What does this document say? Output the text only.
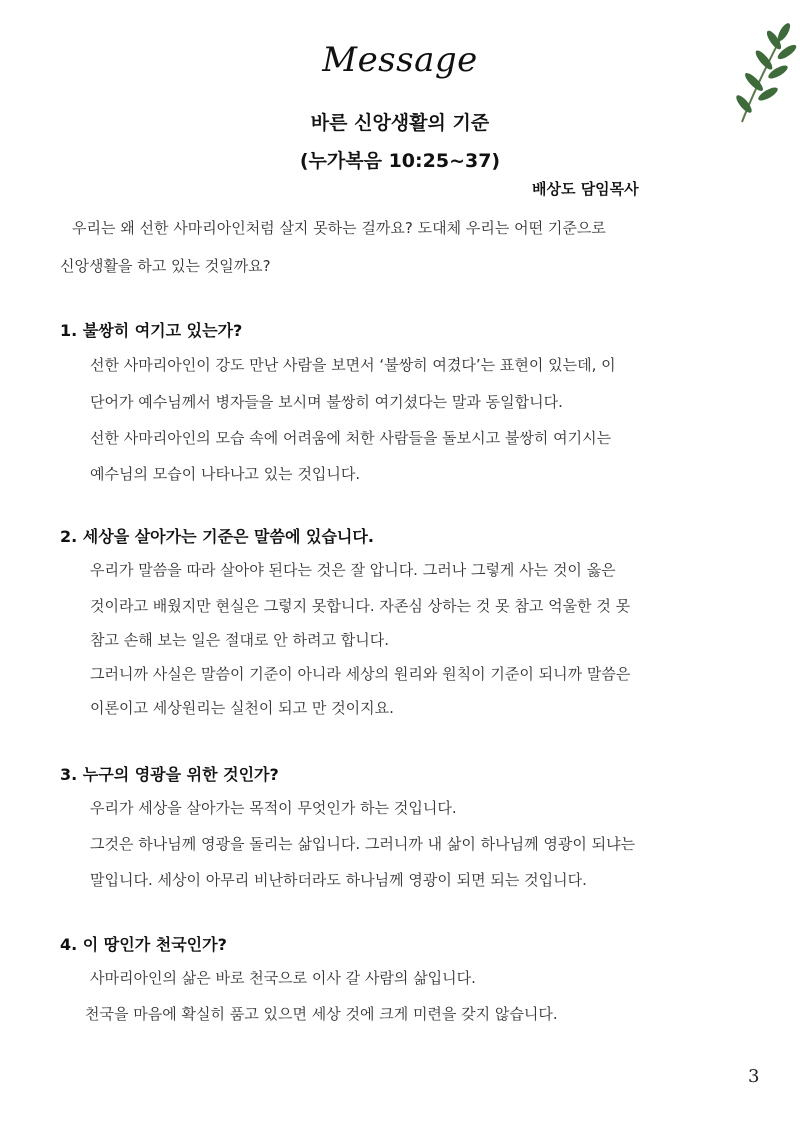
Message
바른 신앙생활의 기준
(누가복음 10:25~37)
배상도 담임목사
우리는 왜 선한 사마리아인처럼 살지 못하는 걸까요? 도대체 우리는 어떤 기준으로
신앙생활을 하고 있는 것일까요?
1. 불쌍히 여기고 있는가?
선한 사마리아인이 강도 만난 사람을 보면서 ‘불쌍히 여겼다’는 표현이 있는데, 이
단어가 예수님께서 병자들을 보시며 불쌍히 여기셨다는 말과 동일합니다.
선한 사마리아인의 모습 속에 어려움에 처한 사람들을 돌보시고 불쌍히 여기시는
예수님의 모습이 나타나고 있는 것입니다.
2. 세상을 살아가는 기준은 말씀에 있습니다.
우리가 말씀을 따라 살아야 된다는 것은 잘 압니다. 그러나 그렇게 사는 것이 옳은
것이라고 배웠지만 현실은 그렇지 못합니다. 자존심 상하는 것 못 참고 억울한 것 못
참고 손해 보는 일은 절대로 안 하려고 합니다.
그러니까 사실은 말씀이 기준이 아니라 세상의 원리와 원칙이 기준이 되니까 말씀은
이론이고 세상원리는 실천이 되고 만 것이지요.
3. 누구의 영광을 위한 것인가?
우리가 세상을 살아가는 목적이 무엇인가 하는 것입니다.
그것은 하나님께 영광을 돌리는 삶입니다. 그러니까 내 삶이 하나님께 영광이 되냐는
말입니다. 세상이 아무리 비난하더라도 하나님께 영광이 되면 되는 것입니다.
4. 이 땅인가 천국인가?
사마리아인의 삶은 바로 천국으로 이사 갈 사람의 삶입니다.
천국을 마음에 확실히 품고 있으면 세상 것에 크게 미련을 갖지 않습니다.
3
